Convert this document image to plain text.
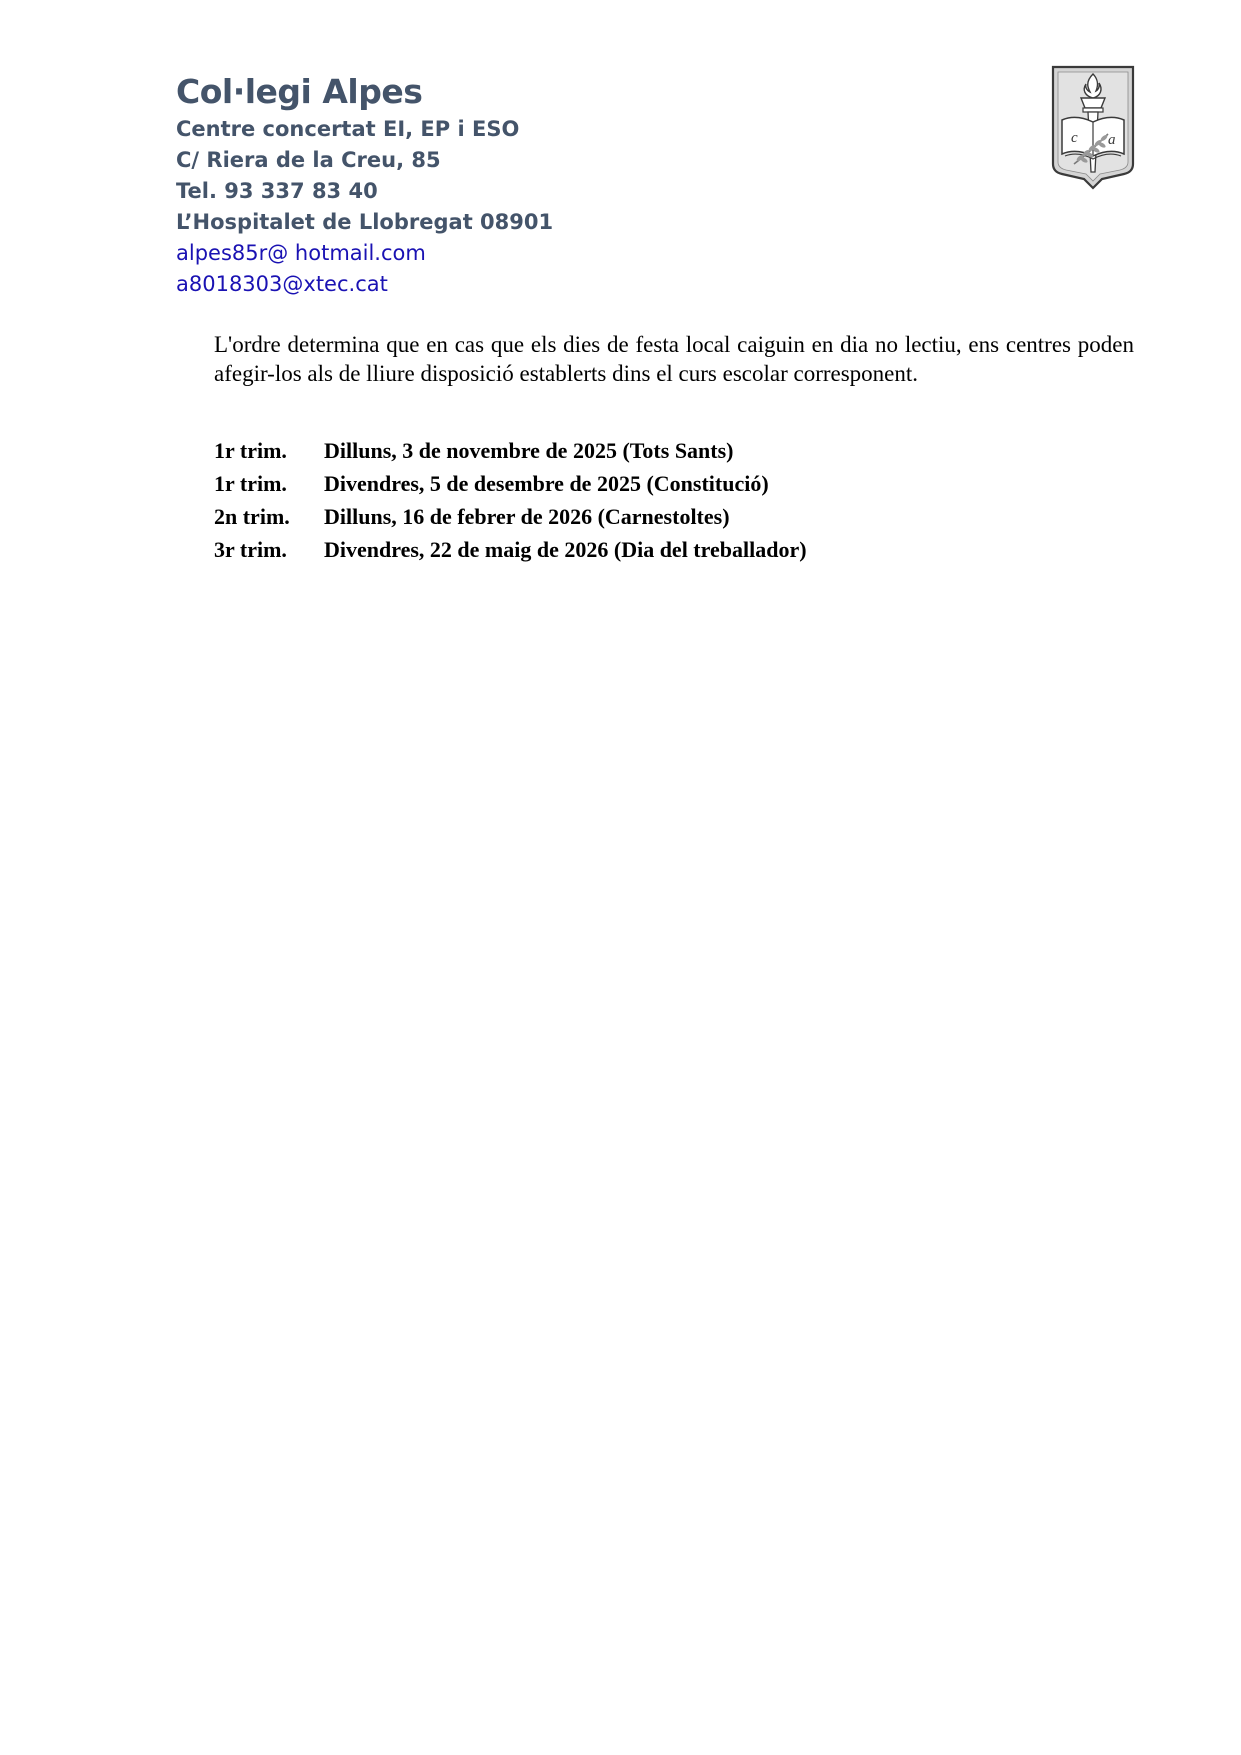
Col·legi Alpes
Centre concertat EI, EP i ESO
C/ Riera de la Creu, 85
Tel. 93 337 83 40
L’Hospitalet de Llobregat 08901
alpes85r@ hotmail.com
a8018303@xtec.cat
c a

L'ordre determina que en cas que els dies de festa local caiguin en dia no lectiu, ens centres poden afegir-los als de lliure disposició establerts dins el curs escolar corresponent.

1r trim.	Dilluns, 3 de novembre de 2025 (Tots Sants)
1r trim.	Divendres, 5 de desembre de 2025 (Constitució)
2n trim.	Dilluns, 16 de febrer de 2026 (Carnestoltes)
3r trim.	Divendres, 22 de maig de 2026 (Dia del treballador)
